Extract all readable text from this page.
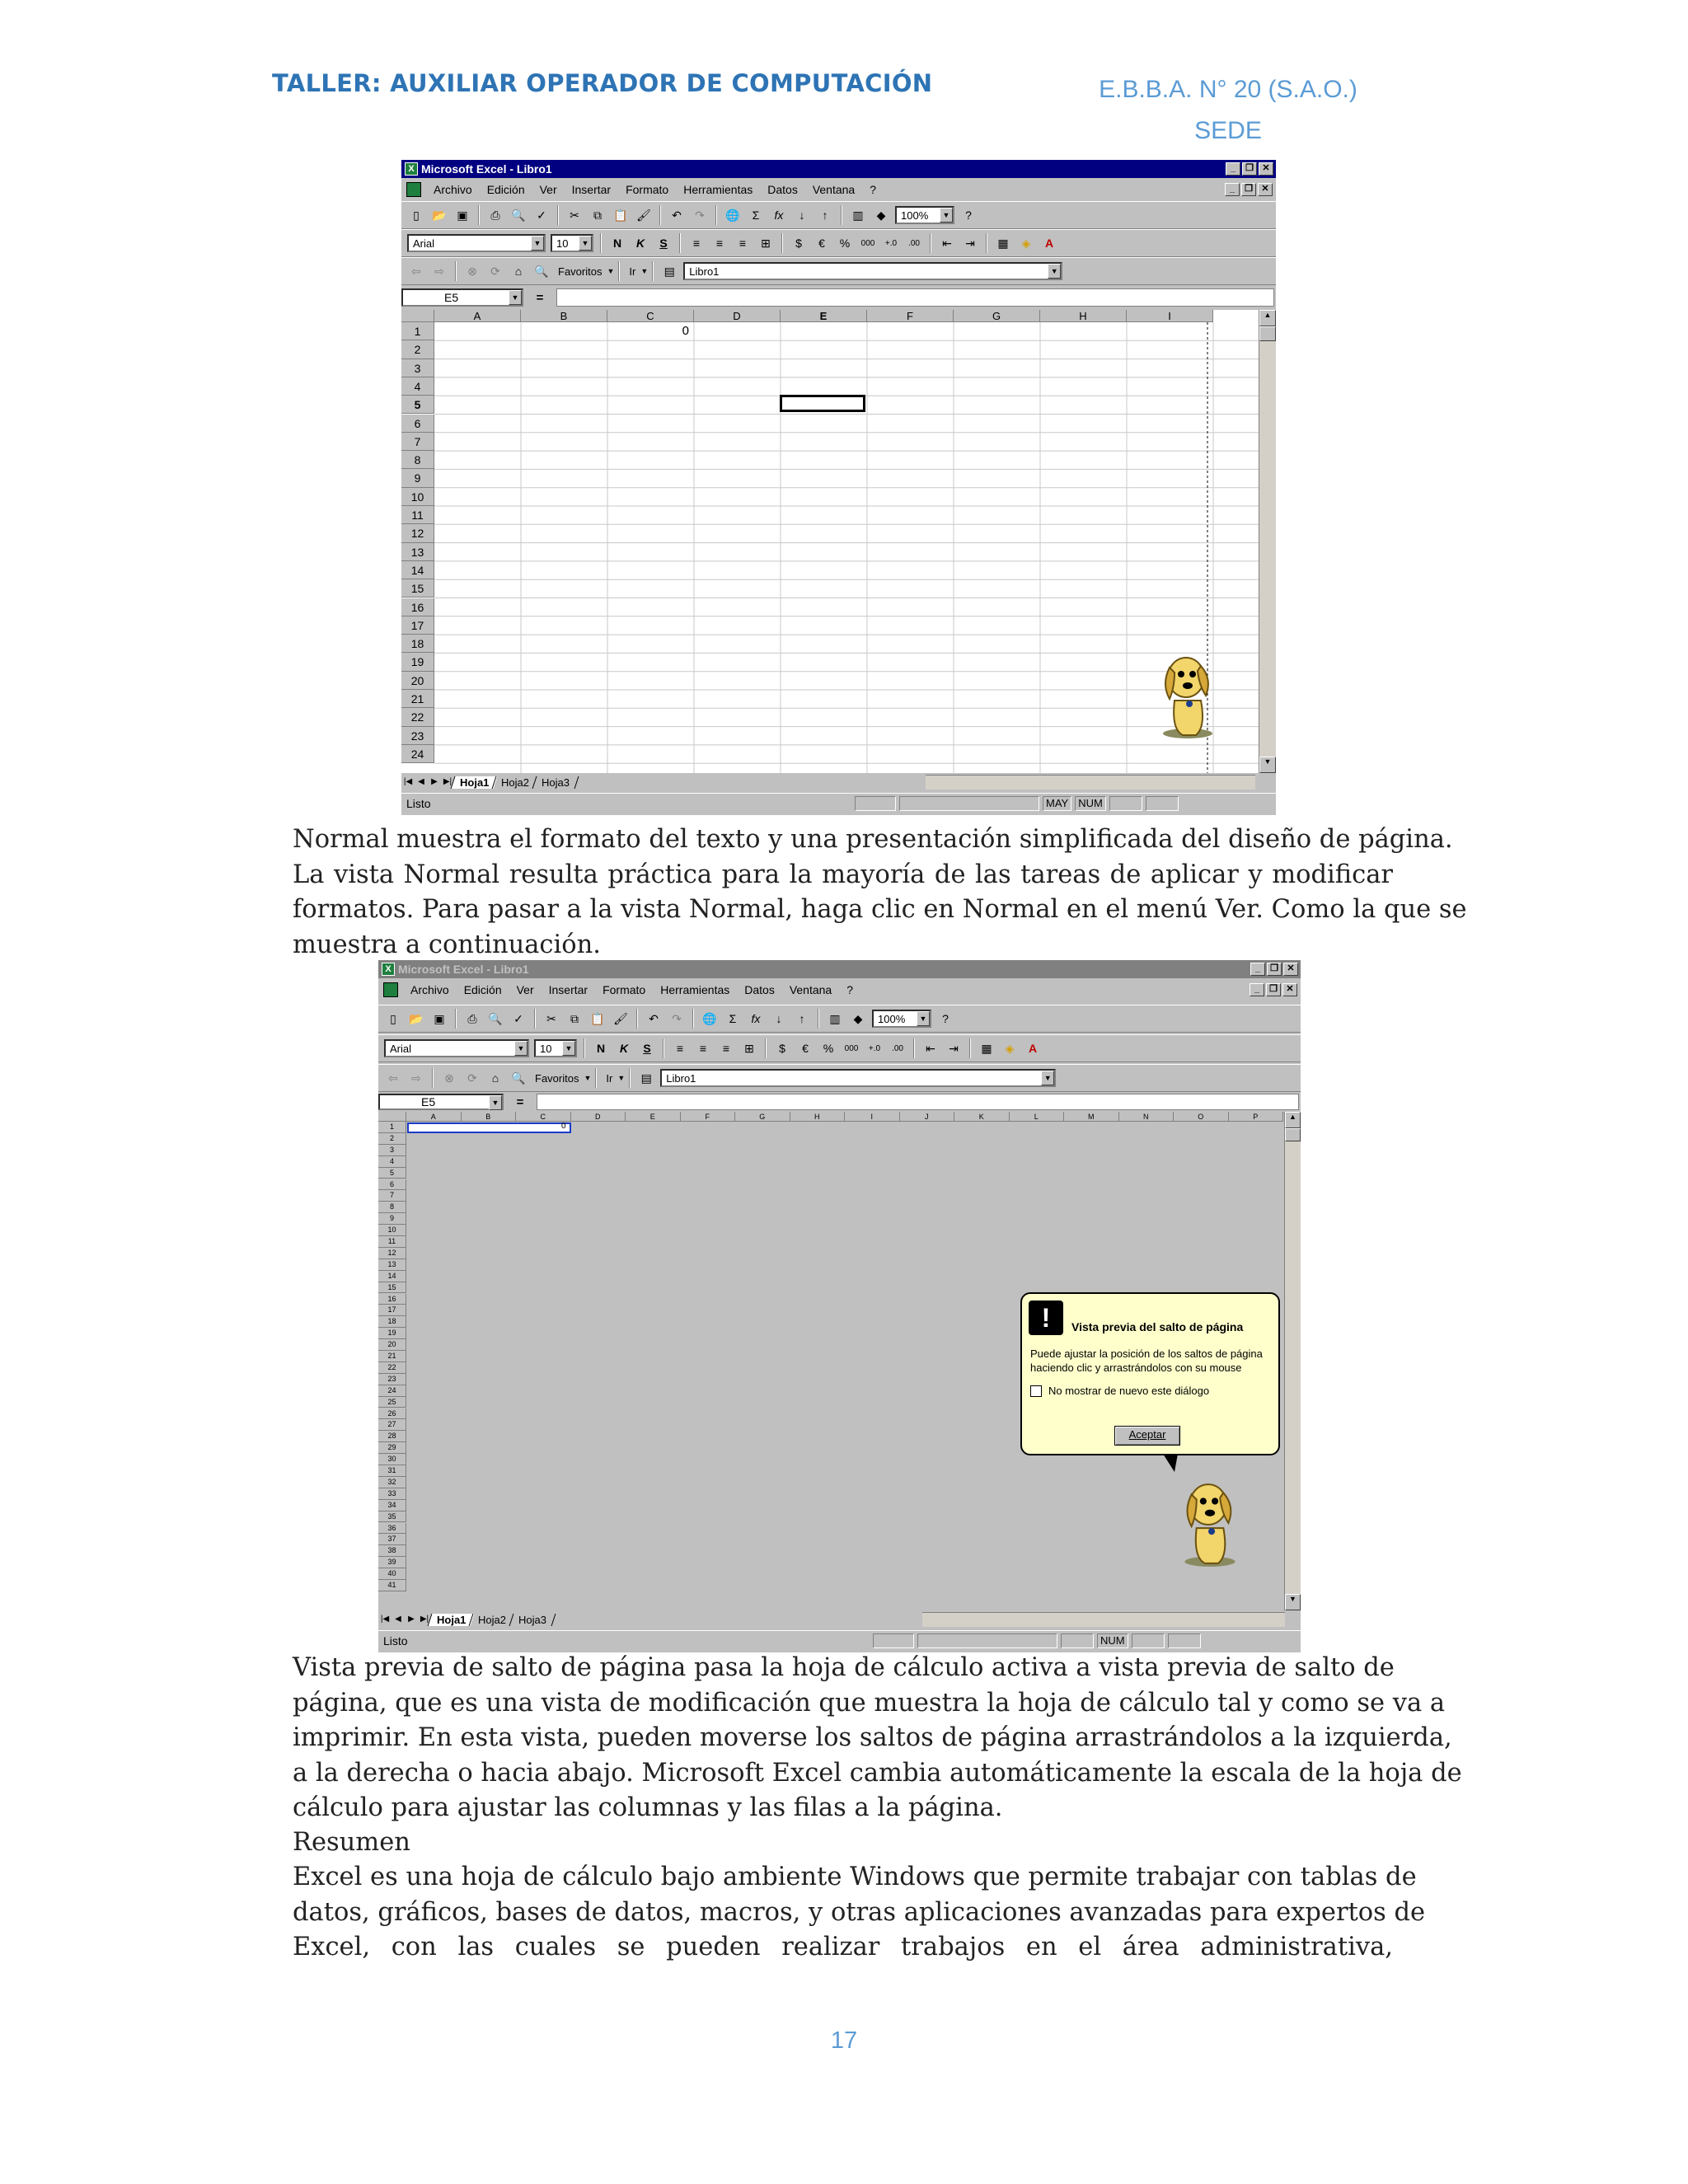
TALLER: AUXILIAR OPERADOR DE COMPUTACIÓN	E.B.B.A. N° 20 (S.A.O.)
SEDE
X Microsoft Excel - Libro1	_	❐ ✕
Archivo Edición Ver Insertar Formato Herramientas Datos Ventana ?	_	❐ ✕
▯	📂 ▣	⎙ 🔍 ✓	✂	⧉	📋 🖌	↶	↷	🌐	Σ	fx	↓	↑	▥	◆	100%	▼	?
Arial	▼ 10	▼ N K S	≡	≡	≡	⊞	$	€	%	000	+.0	.00	⇤	⇥	▦	◈	A
⇦	⇨	⊗	⟳	⌂	🔍 Favoritos ▼ Ir ▼	▤	Libro1	▼
E5	▼	=
A	B	C	D	E	F	G	H	I
1
2
3
4
5
6
7
8
9
10
11
12
13
14
15
16
17
18
19
20
21
22
23
24
0
▲
▼
|◀ ◀ ▶ ▶| Hoja1	Hoja2	Hoja3
Listo	MAY NUM
Normal muestra el formato del texto y una presentación simplificada del diseño de página.
La vista Normal resulta práctica para la mayoría de las tareas de aplicar y modificar
formatos. Para pasar a la vista Normal, haga clic en Normal en el menú Ver. Como la que se
muestra a continuación.
X Microsoft Excel - Libro1	_	❐ ✕
Archivo Edición Ver Insertar Formato Herramientas Datos Ventana ?	_	❐ ✕
▯	📂 ▣	⎙ 🔍 ✓	✂	⧉	📋 🖌	↶	↷	🌐	Σ	fx	↓	↑	▥	◆	100%	▼	?
Arial	▼ 10	▼ N K S	≡	≡	≡	⊞	$	€	%	000	+.0	.00	⇤	⇥	▦	◈	A
⇦	⇨	⊗	⟳	⌂	🔍 Favoritos ▼ Ir ▼	▤	Libro1	▼
E5	▼	=
A	B	C	D	E	F	G	H	I	J	K	L	M	N	O	P
1
2
3
4
5
6
7
8
9
10
11
12
13
14
15
16
17
18
19
20
21
22
23
24
25
26
27
28
29
30
31
32
33
34
35
36
37
38
39
40
41
0
▲
▼
|◀ ◀ ▶ ▶| Hoja1	Hoja2	Hoja3
Listo	NUM
!	Vista previa del salto de página
Puede ajustar la posición de los saltos de página haciendo clic y arrastrándolos con su mouse
No mostrar de nuevo este diálogo
Aceptar
Vista previa de salto de página pasa la hoja de cálculo activa a vista previa de salto de
página, que es una vista de modificación que muestra la hoja de cálculo tal y como se va a
imprimir. En esta vista, pueden moverse los saltos de página arrastrándolos a la izquierda,
a la derecha o hacia abajo. Microsoft Excel cambia automáticamente la escala de la hoja de
cálculo para ajustar las columnas y las filas a la página.
Resumen
Excel es una hoja de cálculo bajo ambiente Windows que permite trabajar con tablas de
datos, gráficos, bases de datos, macros, y otras aplicaciones avanzadas para expertos de
Excel, con las cuales se pueden realizar trabajos en el área administrativa,
17
